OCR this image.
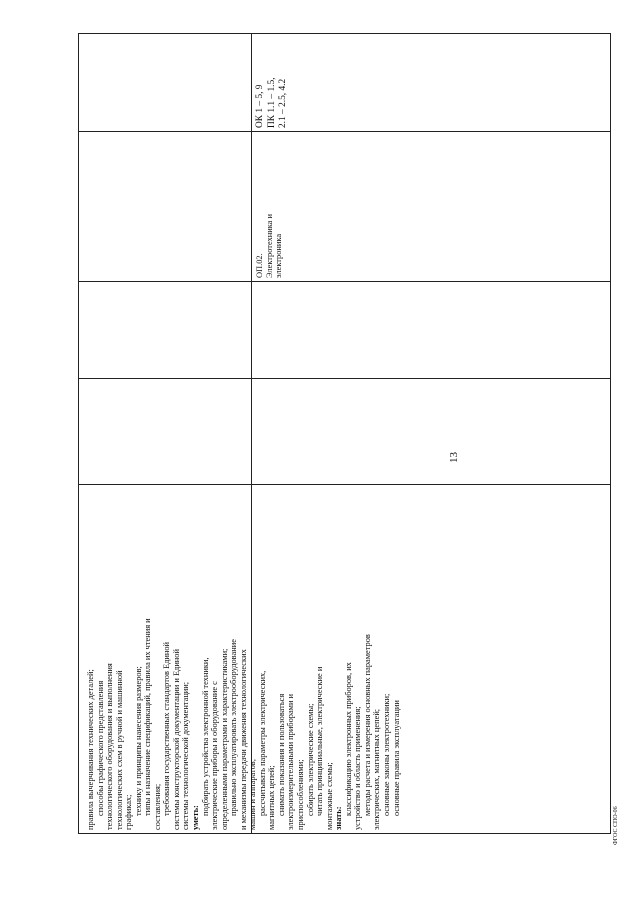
13
ФГОС СПО-06
правила вычерчивания технических деталей; способы графического представления технологического оборудования и выполнения технологических схем в ручной и машинной графиках; технику и принципы нанесения размеров; типы и назначение спецификаций, правила их чтения и составления; требования государственных стандартов Единой системы конструкторской документации и Единой системы технологической документации; уметь:
подбирать устройства электронной техники, электрические приборы и оборудование с определенными параметрами и характеристиками; правильно эксплуатировать электрооборудование и механизмы передачи движения технологических машин и аппаратов; рассчитывать параметры электрических, магнитных цепей; снимать показания и пользоваться электроизмерительными приборами и приспособлениями; собирать электрические схемы; читать принципиальные, электрические и монтажные схемы; знать:
классификацию электронных приборов, их устройство и область применения; методы расчета и измерения основных параметров электрических, магнитных цепей; основные законы электротехники; основные правила эксплуатации
ОП.02. Электротехника и электроника
ОК 1 – 5, 9 ПК 1.1 – 1.5, 2.1 – 2.5, 4.2
